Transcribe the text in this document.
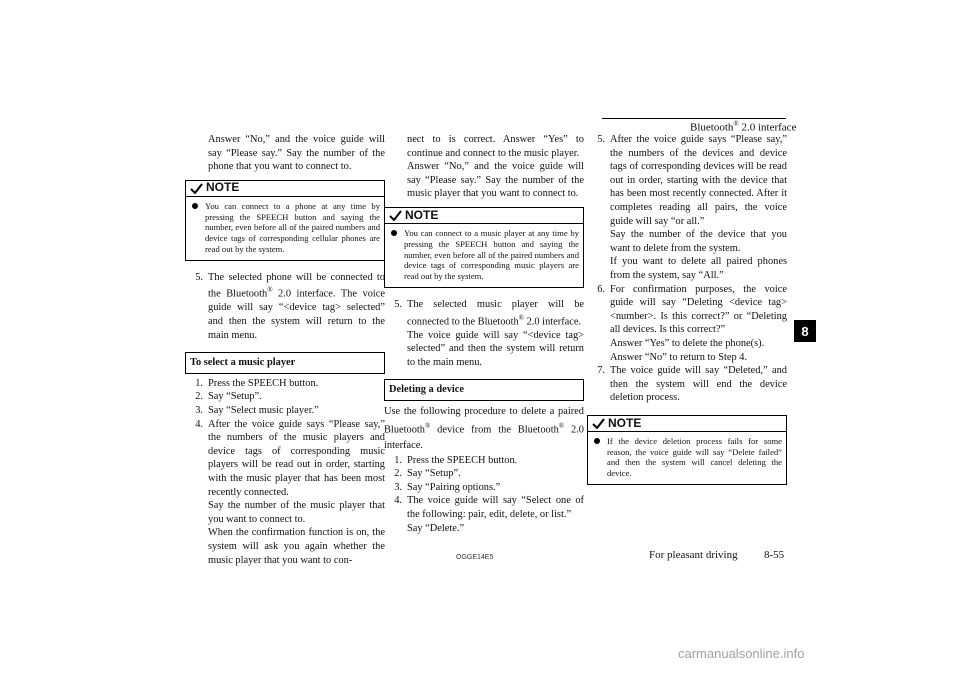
Bluetooth® 2.0 interface
8

Answer “No,” and the voice guide will say “Please say.” Say the number of the phone that you want to connect to.

NOTE
You can connect to a phone at any time by pressing the SPEECH button and saying the number, even before all of the paired numbers and device tags of corresponding cellular phones are read out by the system.
5. The selected phone will be connected to the Bluetooth® 2.0 interface. The voice guide will say “<device tag> selected” and then the system will return to the main menu.
To select a music player
1. Press the SPEECH button.
2. Say “Setup”.
3. Say “Select music player.”
4. After the voice guide says “Please say,” the numbers of the music players and device tags of corresponding music players will be read out in order, starting with the music player that has been most recently connected.

Say the number of the music player that you want to connect to.

When the confirmation function is on, the system will ask you again whether the music player that you want to con-

nect to is correct. Answer “Yes” to continue and connect to the music player.

Answer “No,” and the voice guide will say “Please say.” Say the number of the music player that you want to connect to.

NOTE
You can connect to a music player at any time by pressing the SPEECH button and saying the number, even before all of the paired numbers and device tags of corresponding music players are read out by the system.
5. The selected music player will be connected to the Bluetooth® 2.0 interface.

The voice guide will say “<device tag> selected” and then the system will return to the main menu.

Deleting a device

Use the following procedure to delete a paired Bluetooth® device from the Bluetooth® 2.0 interface.

1. Press the SPEECH button.
2. Say “Setup”.
3. Say “Pairing options.”
4. The voice guide will say “Select one of the following: pair, edit, delete, or list.”

Say “Delete.”

5. After the voice guide says “Please say,” the numbers of the devices and device tags of corresponding devices will be read out in order, starting with the device that has been most recently connected. After it completes reading all pairs, the voice guide will say “or all.”

Say the number of the device that you want to delete from the system.

If you want to delete all paired phones from the system, say “All.”

6. For confirmation purposes, the voice guide will say “Deleting <device tag> <number>. Is this correct?” or “Deleting all devices. Is this correct?”

Answer “Yes” to delete the phone(s).

Answer “No” to return to Step 4.

7. The voice guide will say “Deleted,” and then the system will end the device deletion process.
NOTE
If the device deletion process fails for some reason, the voice guide will say “Delete failed” and then the system will cancel deleting the device.
OGGE14E5	For pleasant driving 8-55
carmanualsonline.info
